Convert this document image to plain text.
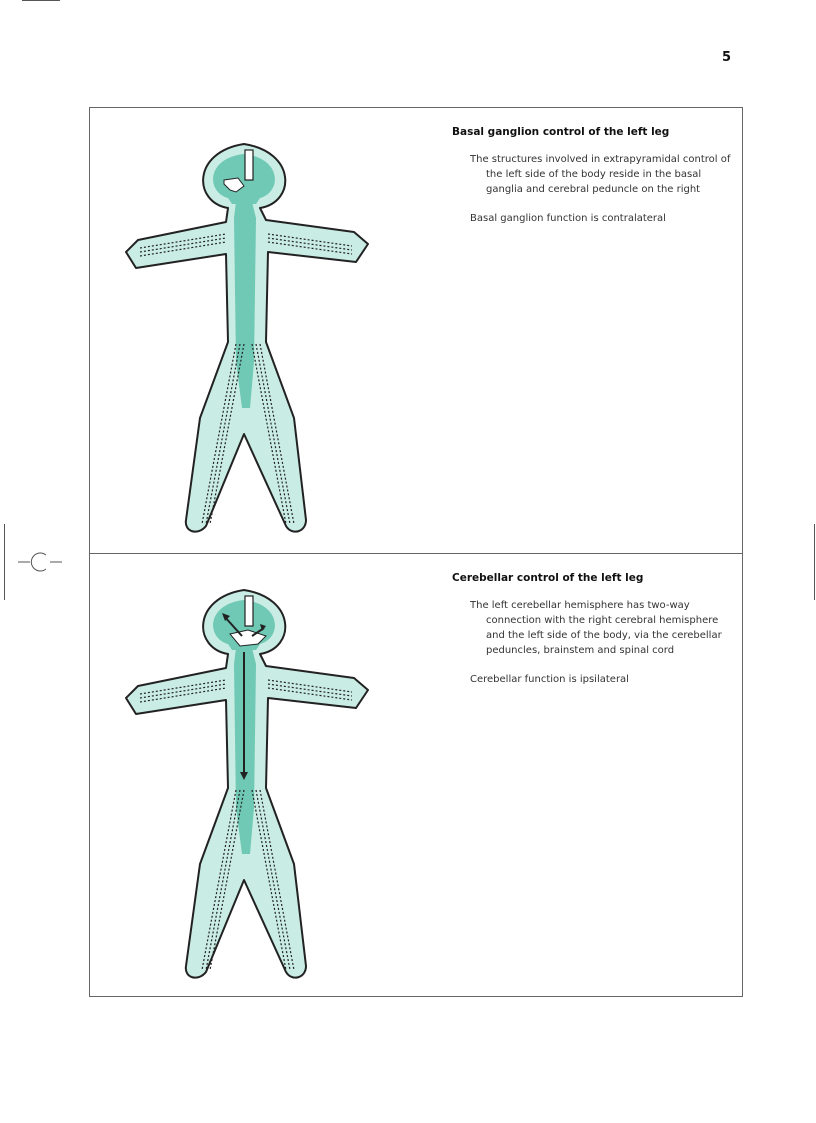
5

Basal ganglion control of the left leg

The structures involved in extrapyramidal control of the left side of the body reside in the basal ganglia and cerebral peduncle on the right

Basal ganglion function is contralateral

Cerebellar control of the left leg

The left cerebellar hemisphere has two-way connection with the right cerebral hemisphere and the left side of the body, via the cerebellar peduncles, brainstem and spinal cord

Cerebellar function is ipsilateral
